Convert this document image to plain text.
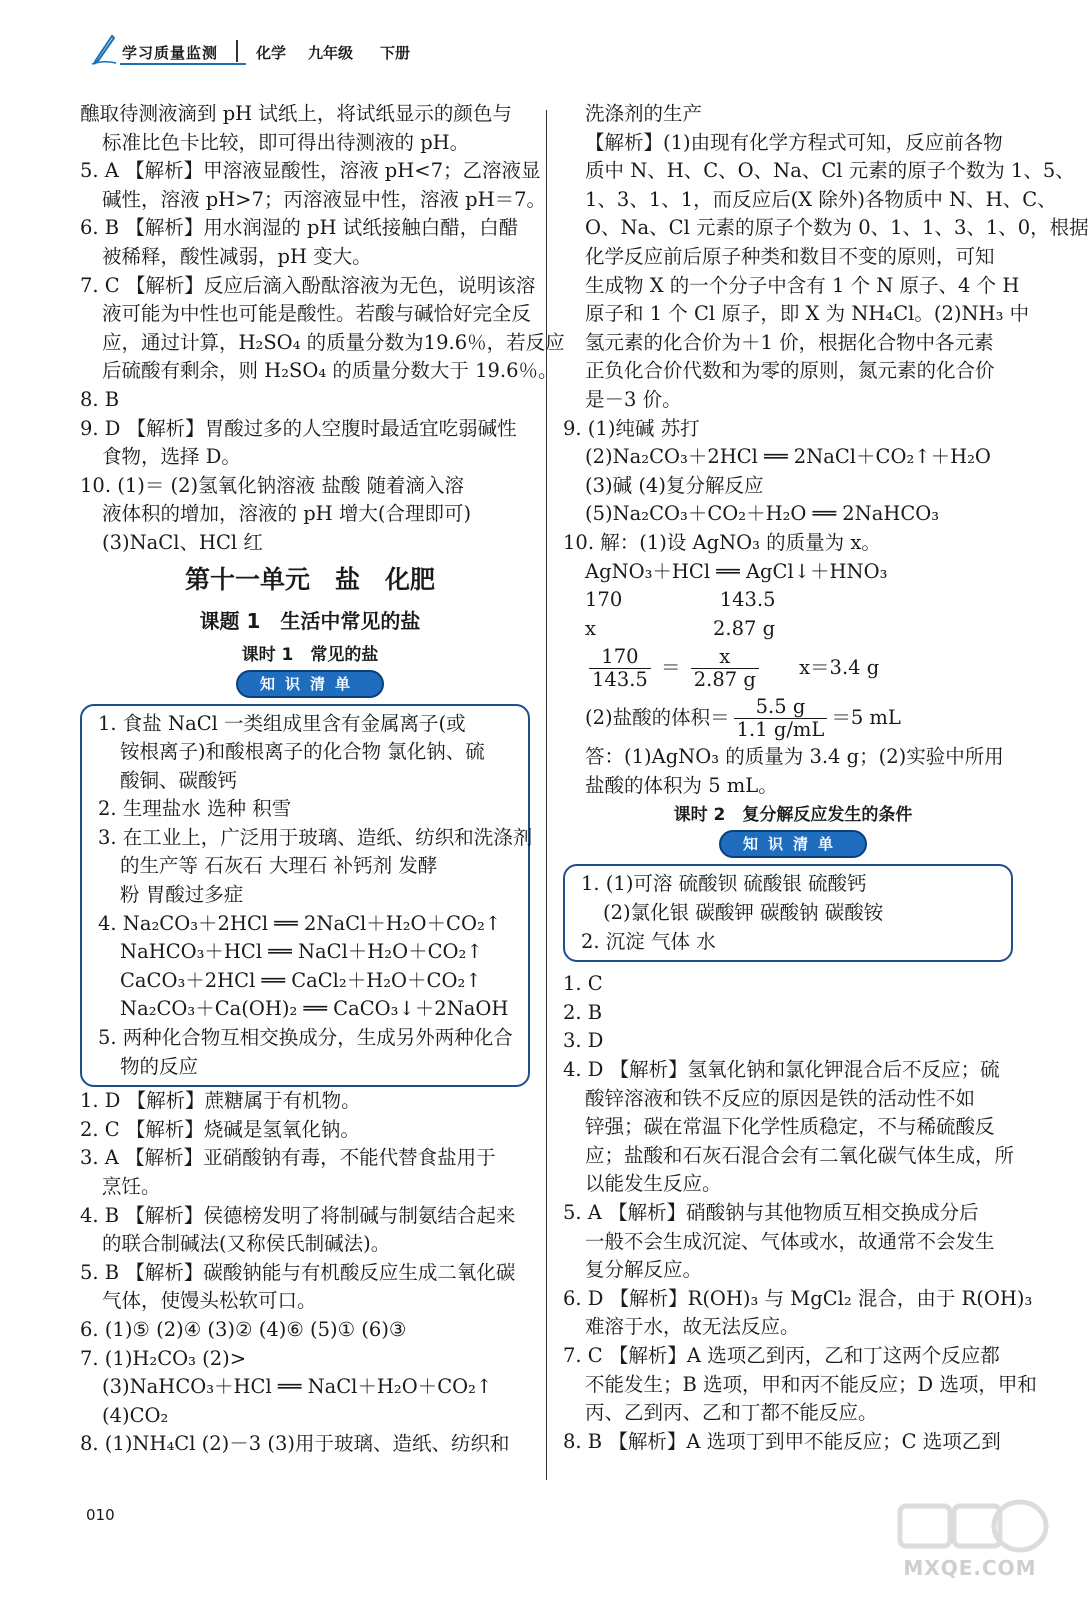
学习质量监测	化学 九年级 下册
醮取待测液滴到 pH 试纸上，将试纸显示的颜色与
标准比色卡比较，即可得出待测液的 pH。
5. A 【解析】甲溶液显酸性，溶液 pH<7；乙溶液显
碱性，溶液 pH>7；丙溶液显中性，溶液 pH＝7。
6. B 【解析】用水润湿的 pH 试纸接触白醋，白醋
被稀释，酸性减弱，pH 变大。
7. C 【解析】反应后滴入酚酞溶液为无色，说明该溶
液可能为中性也可能是酸性。若酸与碱恰好完全反
应，通过计算，H₂SO₄ 的质量分数为19.6％，若反应
后硫酸有剩余，则 H₂SO₄ 的质量分数大于 19.6％。
8. B
9. D 【解析】胃酸过多的人空腹时最适宜吃弱碱性
食物，选择 D。
10. (1)＝ (2)氢氧化钠溶液 盐酸 随着滴入溶
液体积的增加，溶液的 pH 增大(合理即可)
(3)NaCl、HCl 红
第十一单元　盐　化肥
课题 1　生活中常见的盐
课时 1　常见的盐
知识清单
1. 食盐 NaCl 一类组成里含有金属离子(或
铵根离子)和酸根离子的化合物 氯化钠、硫
酸铜、碳酸钙
2. 生理盐水 选种 积雪
3. 在工业上，广泛用于玻璃、造纸、纺织和洗涤剂
的生产等 石灰石 大理石 补钙剂 发酵
粉 胃酸过多症
4. Na₂CO₃＋2HCl ══ 2NaCl＋H₂O＋CO₂↑
NaHCO₃＋HCl ══ NaCl＋H₂O＋CO₂↑
CaCO₃＋2HCl ══ CaCl₂＋H₂O＋CO₂↑
Na₂CO₃＋Ca(OH)₂ ══ CaCO₃↓＋2NaOH
5. 两种化合物互相交换成分，生成另外两种化合
物的反应
1. D 【解析】蔗糖属于有机物。
2. C 【解析】烧碱是氢氧化钠。
3. A 【解析】亚硝酸钠有毒，不能代替食盐用于
烹饪。
4. B 【解析】侯德榜发明了将制碱与制氨结合起来
的联合制碱法(又称侯氏制碱法)。
5. B 【解析】碳酸钠能与有机酸反应生成二氧化碳
气体，使馒头松软可口。
6. (1)⑤ (2)④ (3)② (4)⑥ (5)① (6)③
7. (1)H₂CO₃ (2)>
(3)NaHCO₃＋HCl ══ NaCl＋H₂O＋CO₂↑
(4)CO₂
8. (1)NH₄Cl (2)－3 (3)用于玻璃、造纸、纺织和
洗涤剂的生产
【解析】(1)由现有化学方程式可知，反应前各物
质中 N、H、C、O、Na、Cl 元素的原子个数为 1、5、
1、3、1、1，而反应后(X 除外)各物质中 N、H、C、
O、Na、Cl 元素的原子个数为 0、1、1、3、1、0，根据
化学反应前后原子种类和数目不变的原则，可知
生成物 X 的一个分子中含有 1 个 N 原子、4 个 H
原子和 1 个 Cl 原子，即 X 为 NH₄Cl。(2)NH₃ 中
氢元素的化合价为＋1 价，根据化合物中各元素
正负化合价代数和为零的原则，氮元素的化合价
是－3 价。
9. (1)纯碱 苏打
(2)Na₂CO₃＋2HCl ══ 2NaCl＋CO₂↑＋H₂O
(3)碱 (4)复分解反应
(5)Na₂CO₃＋CO₂＋H₂O ══ 2NaHCO₃
10. 解：(1)设 AgNO₃ 的质量为 x。
AgNO₃＋HCl ══ AgCl↓＋HNO₃
170　　　　　143.5
x　　　　　　2.87 g
$\frac{170}{143.5} = \frac{x}{2.87 g} x=3.4$ g
(2)盐酸的体积＝ $\frac{5.5 g}{1.1 g/mL} =5$ mL
答：(1)AgNO₃ 的质量为 3.4 g；(2)实验中所用
盐酸的体积为 5 mL。
课时 2　复分解反应发生的条件
知识清单
1. (1)可溶 硫酸钡 硫酸银 硫酸钙
(2)氯化银 碳酸钾 碳酸钠 碳酸铵
2. 沉淀 气体 水
1. C
2. B
3. D
4. D 【解析】氢氧化钠和氯化钾混合后不反应；硫
酸锌溶液和铁不反应的原因是铁的活动性不如
锌强；碳在常温下化学性质稳定，不与稀硫酸反
应；盐酸和石灰石混合会有二氧化碳气体生成，所
以能发生反应。
5. A 【解析】硝酸钠与其他物质互相交换成分后
一般不会生成沉淀、气体或水，故通常不会发生
复分解反应。
6. D 【解析】R(OH)₃ 与 MgCl₂ 混合，由于 R(OH)₃
难溶于水，故无法反应。
7. C 【解析】A 选项乙到丙，乙和丁这两个反应都
不能发生；B 选项，甲和丙不能反应；D 选项，甲和
丙、乙到丙、乙和丁都不能反应。
8. B 【解析】A 选项丁到甲不能反应；C 选项乙到
010
MXQE.COM
